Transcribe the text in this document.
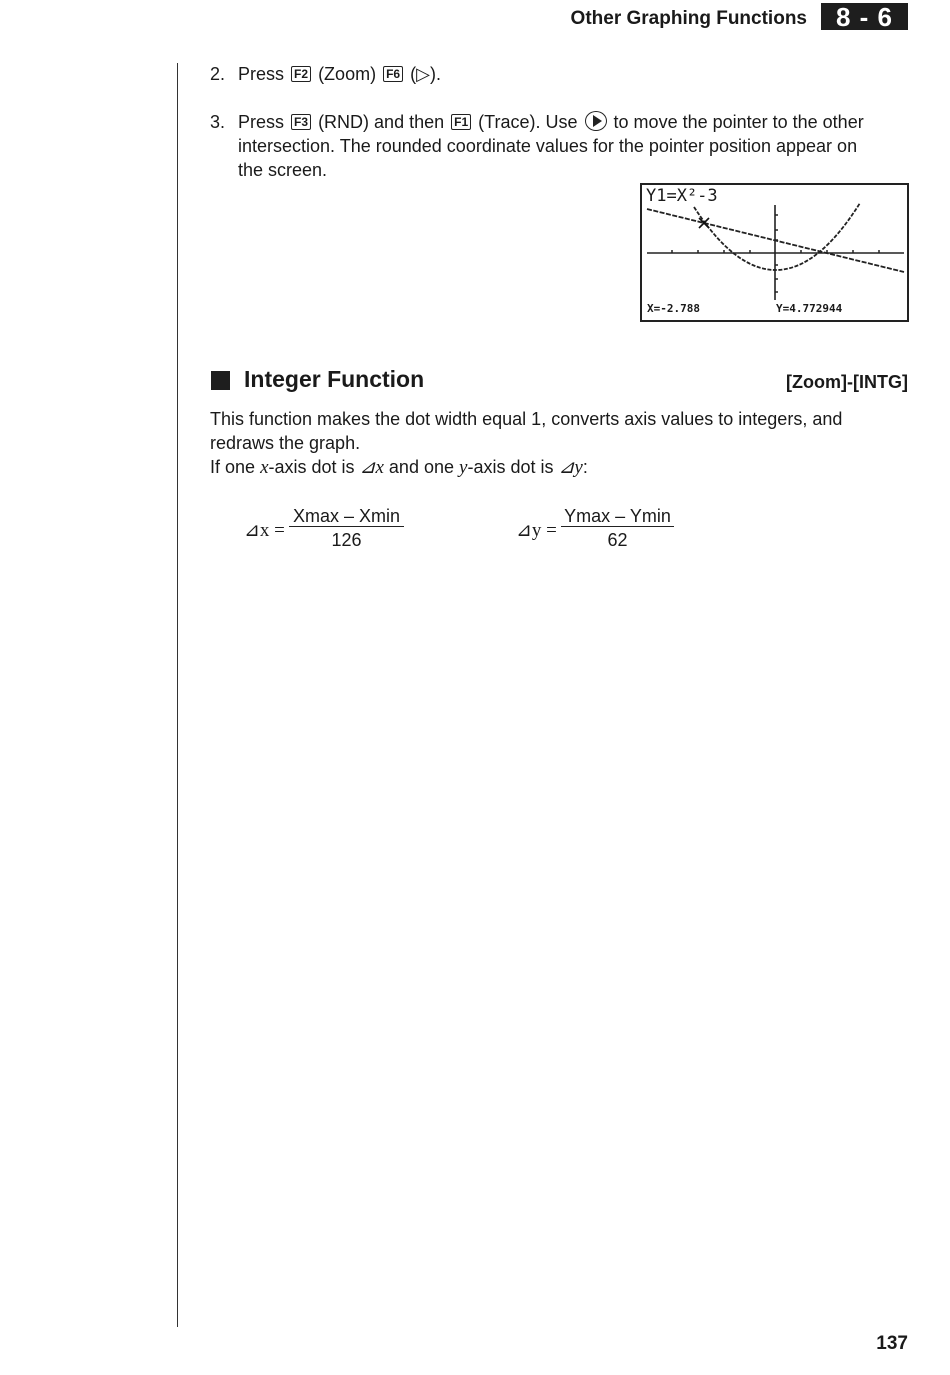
Other Graphing Functions	8 - 6
2. Press F2 (Zoom) F6 (▷).
3. Press F3 (RND) and then F1 (Trace). Use to move the pointer to the other intersection. The rounded coordinate values for the pointer position appear on the screen.
Y1=X²-3
X=-2.788	Y=4.772944
Integer Function	[Zoom]-[INTG]
This function makes the dot width equal 1, converts axis values to integers, and redraws the graph.
If one x-axis dot is ⊿x and one y-axis dot is ⊿y:
⊿x =
Xmax – Xmin
126	⊿y =
Ymax – Ymin
62
137
